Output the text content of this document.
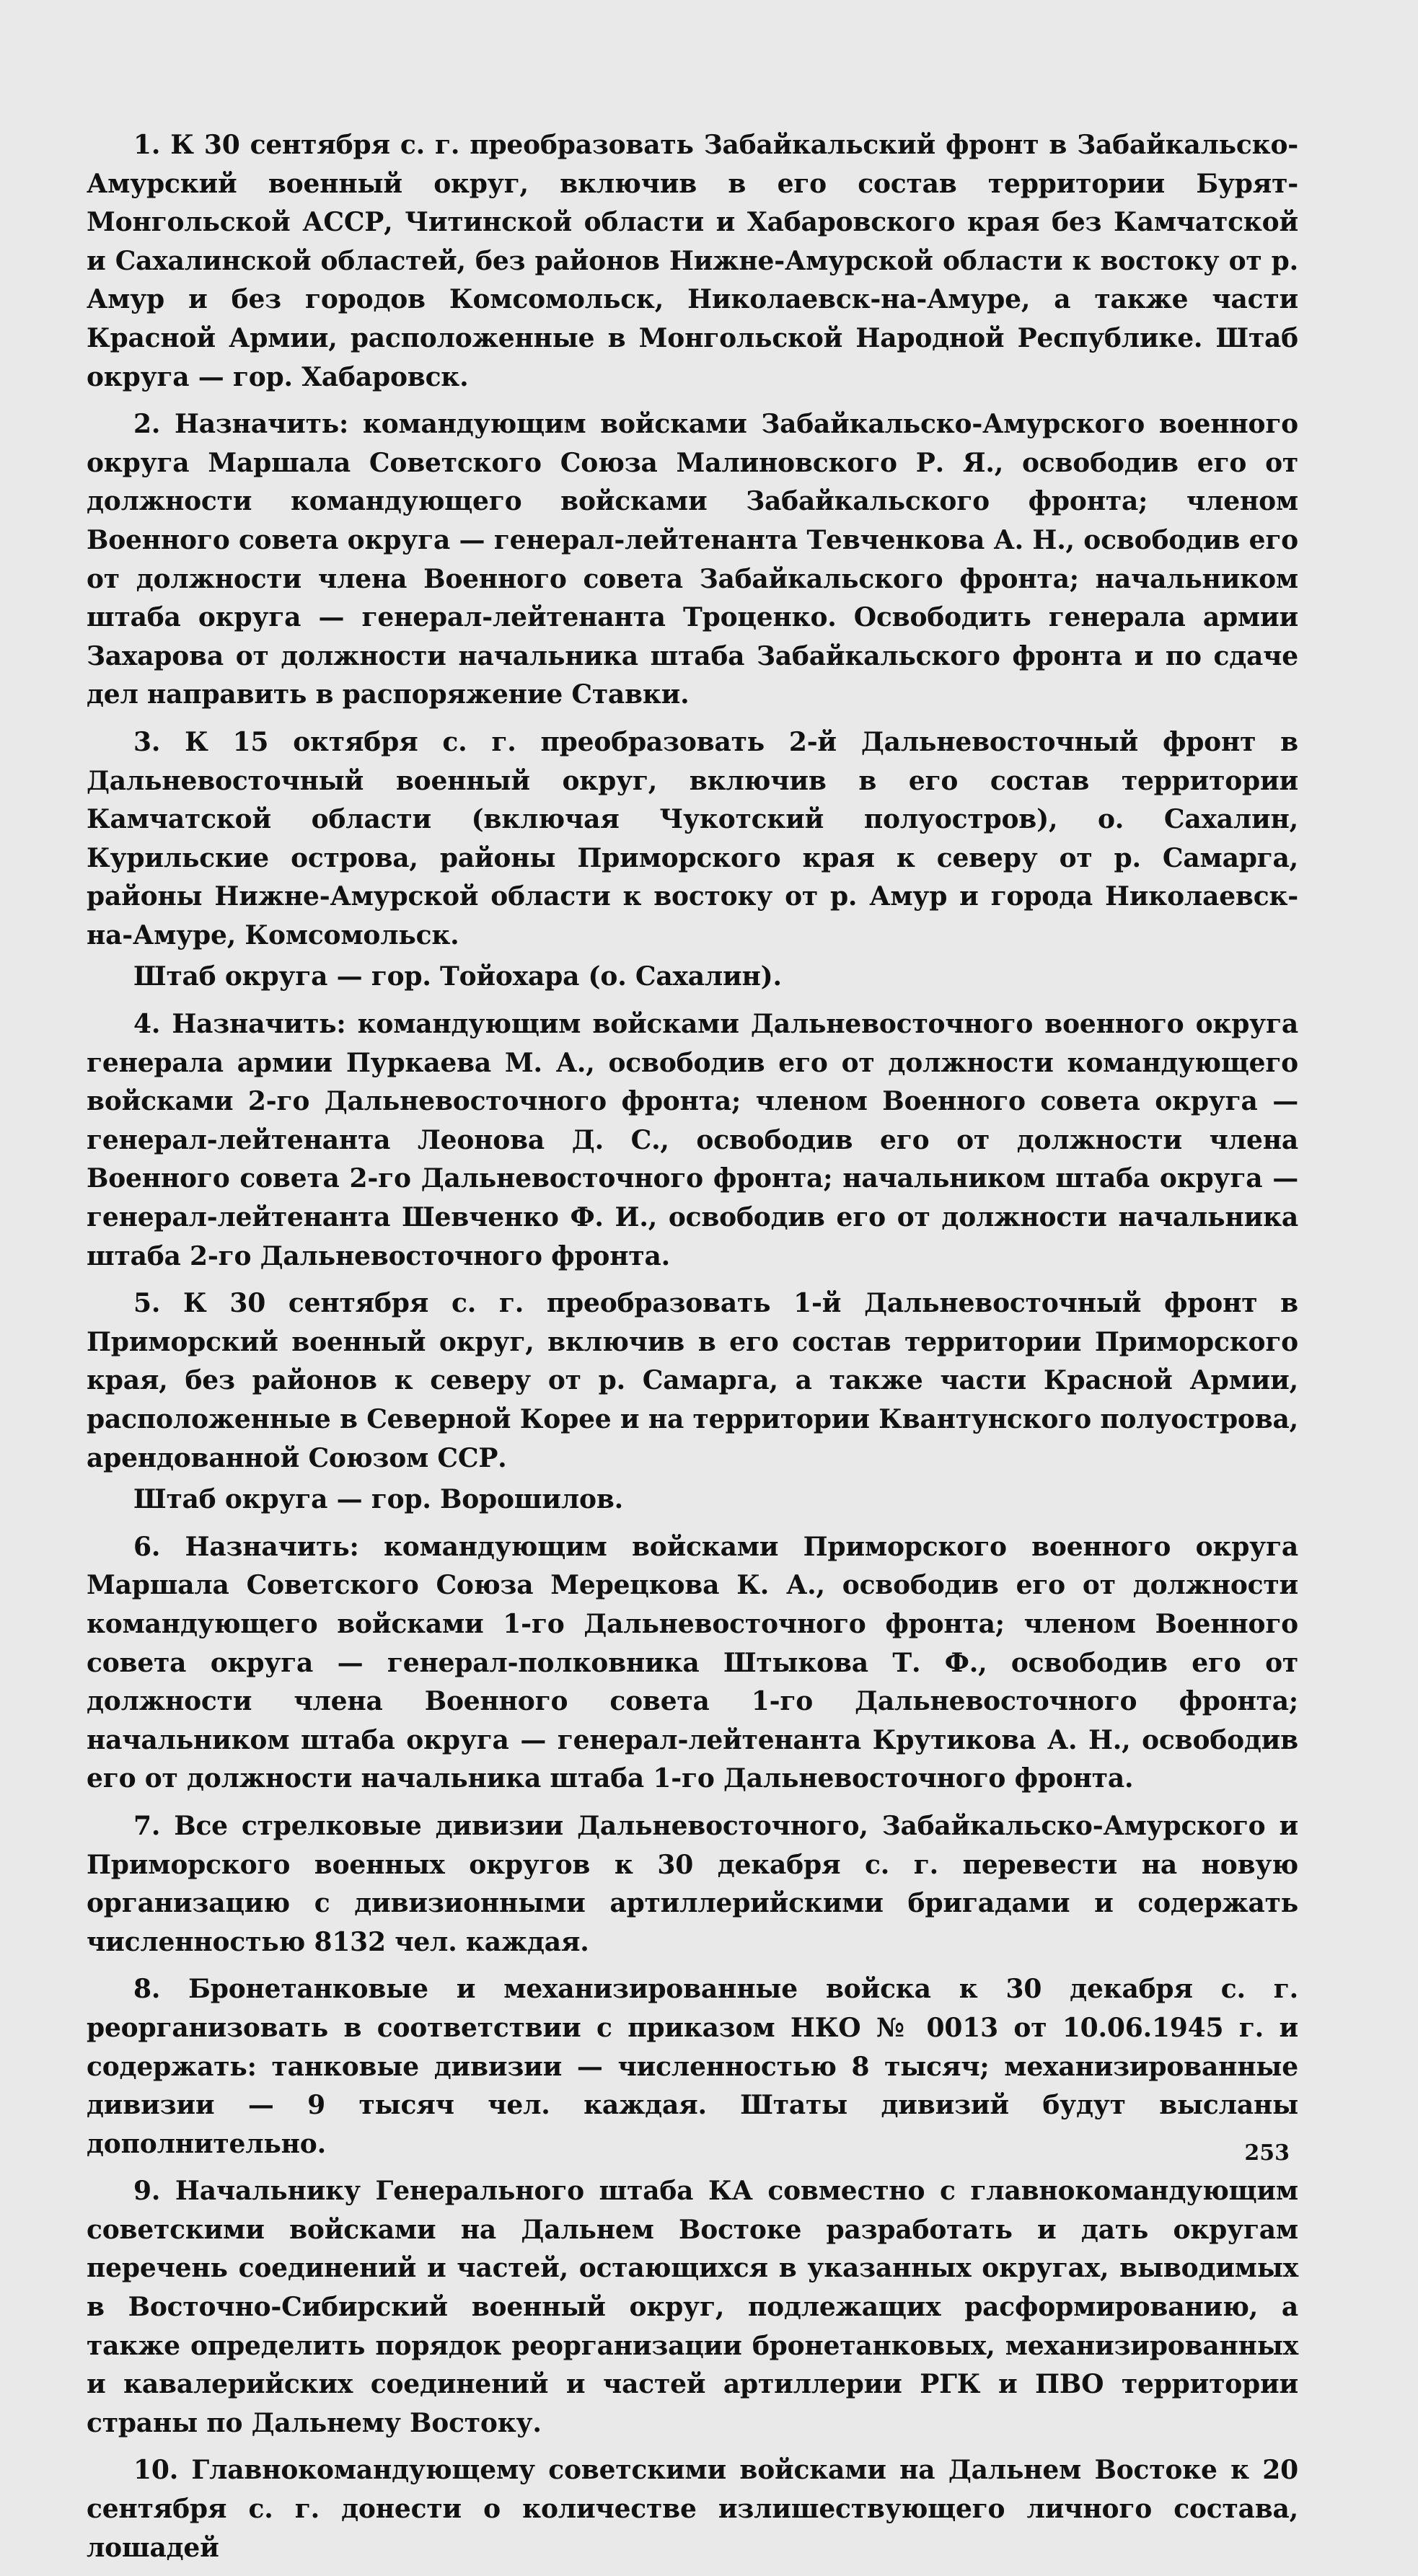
1. К 30 сентября с. г. преобразовать Забайкальский фронт в Забайкальско-Амурский военный округ, включив в его состав территории Бурят-Монгольской АССР, Читинской области и Хабаровского края без Камчатской и Сахалинской областей, без районов Нижне-Амурской области к востоку от р. Амур и без городов Комсомольск, Николаевск-на-Амуре, а также части Красной Армии, расположенные в Монгольской Народной Республике. Штаб округа — гор. Хабаровск.

2. Назначить: командующим войсками Забайкальско-Амурского военного округа Маршала Советского Союза Малиновского Р. Я., освободив его от должности командующего войсками Забайкальского фронта; членом Военного совета округа — генерал-лейтенанта Тевченкова А. Н., освободив его от должности члена Военного совета Забайкальского фронта; начальником штаба округа — генерал-лейтенанта Троценко. Освободить генерала армии Захарова от должности начальника штаба Забайкальского фронта и по сдаче дел направить в распоряжение Ставки.

3. К 15 октября с. г. преобразовать 2-й Дальневосточный фронт в Дальневосточный военный округ, включив в его состав территории Камчатской области (включая Чукотский полуостров), о. Сахалин, Курильские острова, районы Приморского края к северу от р. Самарга, районы Нижне-Амурской области к востоку от р. Амур и города Николаевск-на-Амуре, Комсомольск.

Штаб округа — гор. Тойохара (о. Сахалин).

4. Назначить: командующим войсками Дальневосточного военного округа генерала армии Пуркаева М. А., освободив его от должности командующего войсками 2-го Дальневосточного фронта; членом Военного совета округа — генерал-лейтенанта Леонова Д. С., освободив его от должности члена Военного совета 2-го Дальневосточного фронта; начальником штаба округа — генерал-лейтенанта Шевченко Ф. И., освободив его от должности начальника штаба 2-го Дальневосточного фронта.

5. К 30 сентября с. г. преобразовать 1-й Дальневосточный фронт в Приморский военный округ, включив в его состав территории Приморского края, без районов к северу от р. Самарга, а также части Красной Армии, расположенные в Северной Корее и на территории Квантунского полуострова, арендованной Союзом ССР.

Штаб округа — гор. Ворошилов.

6. Назначить: командующим войсками Приморского военного округа Маршала Советского Союза Мерецкова К. А., освободив его от должности командующего войсками 1-го Дальневосточного фронта; членом Военного совета округа — генерал-полковника Штыкова Т. Ф., освободив его от должности члена Военного совета 1-го Дальневосточного фронта; начальником штаба округа — генерал-лейтенанта Крутикова А. Н., освободив его от должности начальника штаба 1-го Дальневосточного фронта.

7. Все стрелковые дивизии Дальневосточного, Забайкальско-Амурского и Приморского военных округов к 30 декабря с. г. перевести на новую организацию с дивизионными артиллерийскими бригадами и содержать численностью 8132 чел. каждая.

8. Бронетанковые и механизированные войска к 30 декабря с. г. реорганизовать в соответствии с приказом НКО № 0013 от 10.06.1945 г. и содержать: танковые дивизии — численностью 8 тысяч; механизированные дивизии — 9 тысяч чел. каждая. Штаты дивизий будут высланы дополнительно.

9. Начальнику Генерального штаба КА совместно с главнокомандующим советскими войсками на Дальнем Востоке разработать и дать округам перечень соединений и частей, остающихся в указанных округах, выводимых в Восточно-Сибирский военный округ, подлежащих расформированию, а также определить порядок реорганизации бронетанковых, механизированных и кавалерийских соединений и частей артиллерии РГК и ПВО территории страны по Дальнему Востоку.

10. Главнокомандующему советскими войсками на Дальнем Востоке к 20 сентября с. г. донести о количестве излишествующего личного состава, лошадей

253
